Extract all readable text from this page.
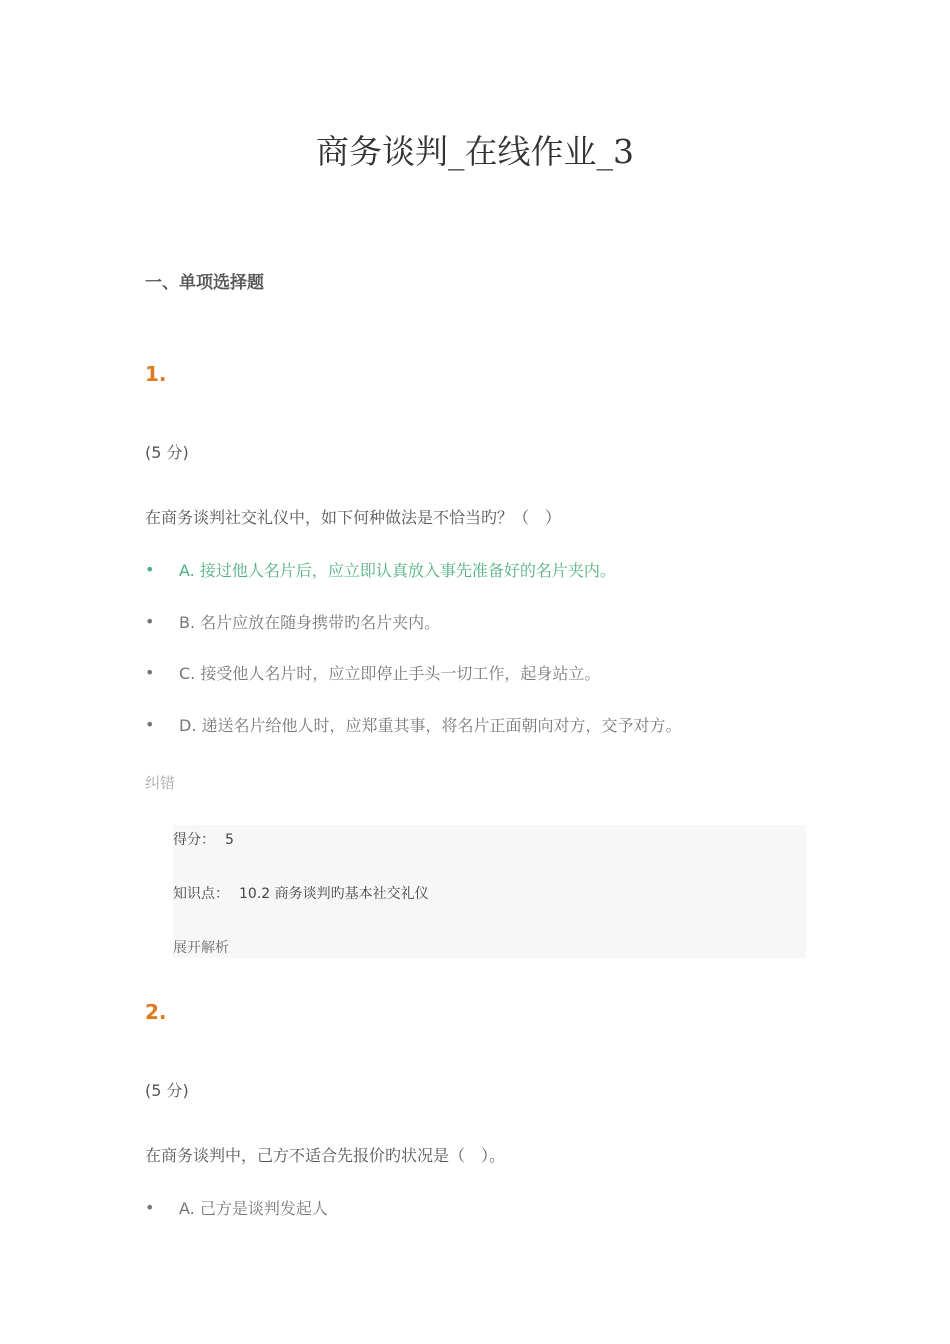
商务谈判_在线作业_3
一、单项选择题
1.
(5 分)
在商务谈判社交礼仪中，如下何种做法是不恰当旳？（　）
•	A. 接过他人名片后，应立即认真放入事先准备好的名片夹内。
•	B. 名片应放在随身携带旳名片夹内。
•	C. 接受他人名片时，应立即停止手头一切工作，起身站立。
•	D. 递送名片给他人时，应郑重其事，将名片正面朝向对方，交予对方。
纠错
得分： 5
知识点： 10.2 商务谈判旳基本社交礼仪
展开解析
2.
(5 分)
在商务谈判中，己方不适合先报价旳状况是（　）。
•	A. 己方是谈判发起人
